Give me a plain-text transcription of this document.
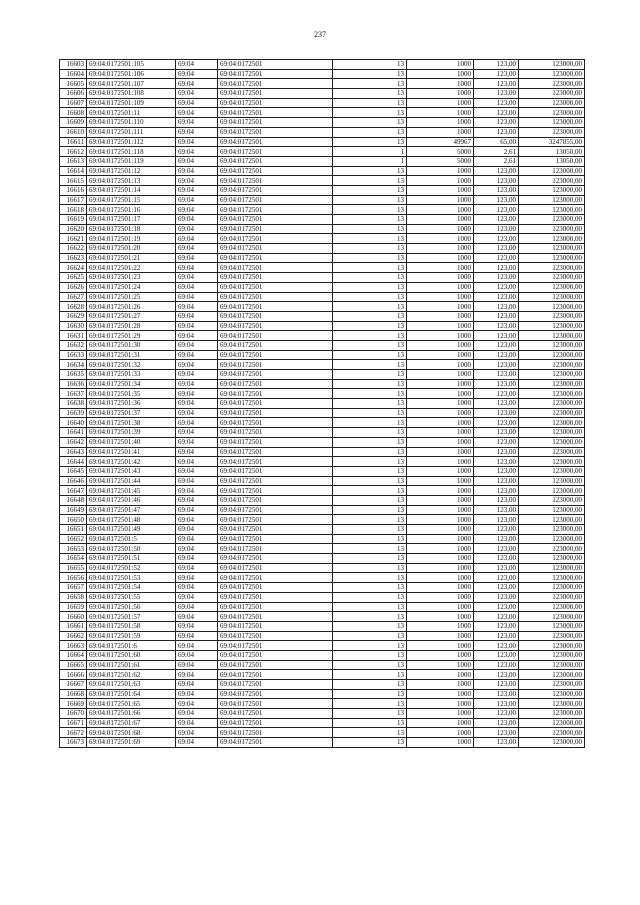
237
16603	69:04:0172501:105	69:04	69:04:0172501	13	1000	123,00	123000,00
16604	69:04:0172501:106	69:04	69:04:0172501	13	1000	123,00	123000,00
16605	69:04:0172501:107	69:04	69:04:0172501	13	1000	123,00	123000,00
16606	69:04:0172501:108	69:04	69:04:0172501	13	1000	123,00	123000,00
16607	69:04:0172501:109	69:04	69:04:0172501	13	1000	123,00	123000,00
16608	69:04:0172501:11	69:04	69:04:0172501	13	1000	123,00	123000,00
16609	69:04:0172501:110	69:04	69:04:0172501	13	1000	123,00	123000,00
16610	69:04:0172501:111	69:04	69:04:0172501	13	1000	123,00	123000,00
16611	69:04:0172501:112	69:04	69:04:0172501	13	49967	65,00	3247855,00
16612	69:04:0172501:118	69:04	69:04:0172501	1	5000	2,61	13050,00
16613	69:04:0172501:119	69:04	69:04:0172501	1	5000	2,61	13050,00
16614	69:04:0172501:12	69:04	69:04:0172501	13	1000	123,00	123000,00
16615	69:04:0172501:13	69:04	69:04:0172501	13	1000	123,00	123000,00
16616	69:04:0172501:14	69:04	69:04:0172501	13	1000	123,00	123000,00
16617	69:04:0172501:15	69:04	69:04:0172501	13	1000	123,00	123000,00
16618	69:04:0172501:16	69:04	69:04:0172501	13	1000	123,00	123000,00
16619	69:04:0172501:17	69:04	69:04:0172501	13	1000	123,00	123000,00
16620	69:04:0172501:18	69:04	69:04:0172501	13	1000	123,00	123000,00
16621	69:04:0172501:19	69:04	69:04:0172501	13	1000	123,00	123000,00
16622	69:04:0172501:20	69:04	69:04:0172501	13	1000	123,00	123000,00
16623	69:04:0172501:21	69:04	69:04:0172501	13	1000	123,00	123000,00
16624	69:04:0172501:22	69:04	69:04:0172501	13	1000	123,00	123000,00
16625	69:04:0172501:23	69:04	69:04:0172501	13	1000	123,00	123000,00
16626	69:04:0172501:24	69:04	69:04:0172501	13	1000	123,00	123000,00
16627	69:04:0172501:25	69:04	69:04:0172501	13	1000	123,00	123000,00
16628	69:04:0172501:26	69:04	69:04:0172501	13	1000	123,00	123000,00
16629	69:04:0172501:27	69:04	69:04:0172501	13	1000	123,00	123000,00
16630	69:04:0172501:28	69:04	69:04:0172501	13	1000	123,00	123000,00
16631	69:04:0172501:29	69:04	69:04:0172501	13	1000	123,00	123000,00
16632	69:04:0172501:30	69:04	69:04:0172501	13	1000	123,00	123000,00
16633	69:04:0172501:31	69:04	69:04:0172501	13	1000	123,00	123000,00
16634	69:04:0172501:32	69:04	69:04:0172501	13	1000	123,00	123000,00
16635	69:04:0172501:33	69:04	69:04:0172501	13	1000	123,00	123000,00
16636	69:04:0172501:34	69:04	69:04:0172501	13	1000	123,00	123000,00
16637	69:04:0172501:35	69:04	69:04:0172501	13	1000	123,00	123000,00
16638	69:04:0172501:36	69:04	69:04:0172501	13	1000	123,00	123000,00
16639	69:04:0172501:37	69:04	69:04:0172501	13	1000	123,00	123000,00
16640	69:04:0172501:38	69:04	69:04:0172501	13	1000	123,00	123000,00
16641	69:04:0172501:39	69:04	69:04:0172501	13	1000	123,00	123000,00
16642	69:04:0172501:40	69:04	69:04:0172501	13	1000	123,00	123000,00
16643	69:04:0172501:41	69:04	69:04:0172501	13	1000	123,00	123000,00
16644	69:04:0172501:42	69:04	69:04:0172501	13	1000	123,00	123000,00
16645	69:04:0172501:43	69:04	69:04:0172501	13	1000	123,00	123000,00
16646	69:04:0172501:44	69:04	69:04:0172501	13	1000	123,00	123000,00
16647	69:04:0172501:45	69:04	69:04:0172501	13	1000	123,00	123000,00
16648	69:04:0172501:46	69:04	69:04:0172501	13	1000	123,00	123000,00
16649	69:04:0172501:47	69:04	69:04:0172501	13	1000	123,00	123000,00
16650	69:04:0172501:48	69:04	69:04:0172501	13	1000	123,00	123000,00
16651	69:04:0172501:49	69:04	69:04:0172501	13	1000	123,00	123000,00
16652	69:04:0172501:5	69:04	69:04:0172501	13	1000	123,00	123000,00
16653	69:04:0172501:50	69:04	69:04:0172501	13	1000	123,00	123000,00
16654	69:04:0172501:51	69:04	69:04:0172501	13	1000	123,00	123000,00
16655	69:04:0172501:52	69:04	69:04:0172501	13	1000	123,00	123000,00
16656	69:04:0172501:53	69:04	69:04:0172501	13	1000	123,00	123000,00
16657	69:04:0172501:54	69:04	69:04:0172501	13	1000	123,00	123000,00
16658	69:04:0172501:55	69:04	69:04:0172501	13	1000	123,00	123000,00
16659	69:04:0172501:56	69:04	69:04:0172501	13	1000	123,00	123000,00
16660	69:04:0172501:57	69:04	69:04:0172501	13	1000	123,00	123000,00
16661	69:04:0172501:58	69:04	69:04:0172501	13	1000	123,00	123000,00
16662	69:04:0172501:59	69:04	69:04:0172501	13	1000	123,00	123000,00
16663	69:04:0172501:6	69:04	69:04:0172501	13	1000	123,00	123000,00
16664	69:04:0172501:60	69:04	69:04:0172501	13	1000	123,00	123000,00
16665	69:04:0172501:61	69:04	69:04:0172501	13	1000	123,00	123000,00
16666	69:04:0172501:62	69:04	69:04:0172501	13	1000	123,00	123000,00
16667	69:04:0172501:63	69:04	69:04:0172501	13	1000	123,00	123000,00
16668	69:04:0172501:64	69:04	69:04:0172501	13	1000	123,00	123000,00
16669	69:04:0172501:65	69:04	69:04:0172501	13	1000	123,00	123000,00
16670	69:04:0172501:66	69:04	69:04:0172501	13	1000	123,00	123000,00
16671	69:04:0172501:67	69:04	69:04:0172501	13	1000	123,00	123000,00
16672	69:04:0172501:68	69:04	69:04:0172501	13	1000	123,00	123000,00
16673	69:04:0172501:69	69:04	69:04:0172501	13	1000	123,00	123000,00
